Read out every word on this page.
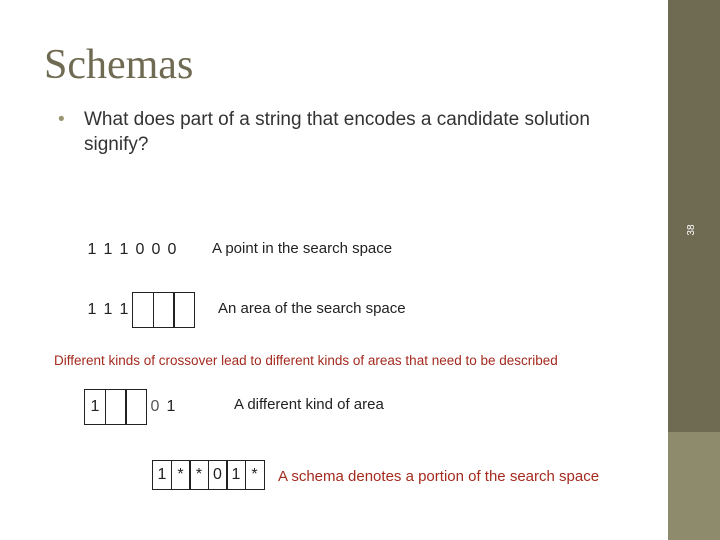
38
Schemas
•	What does part of a string that encodes a candidate solution signify?
1 1 1 0 0 0 A point in the search space
1 1 1	An area of the search space
Different kinds of crossover lead to different kinds of areas that need to be described
1	0 1	A different kind of area
1 * * 0 1 *	A schema denotes a portion of the search space
